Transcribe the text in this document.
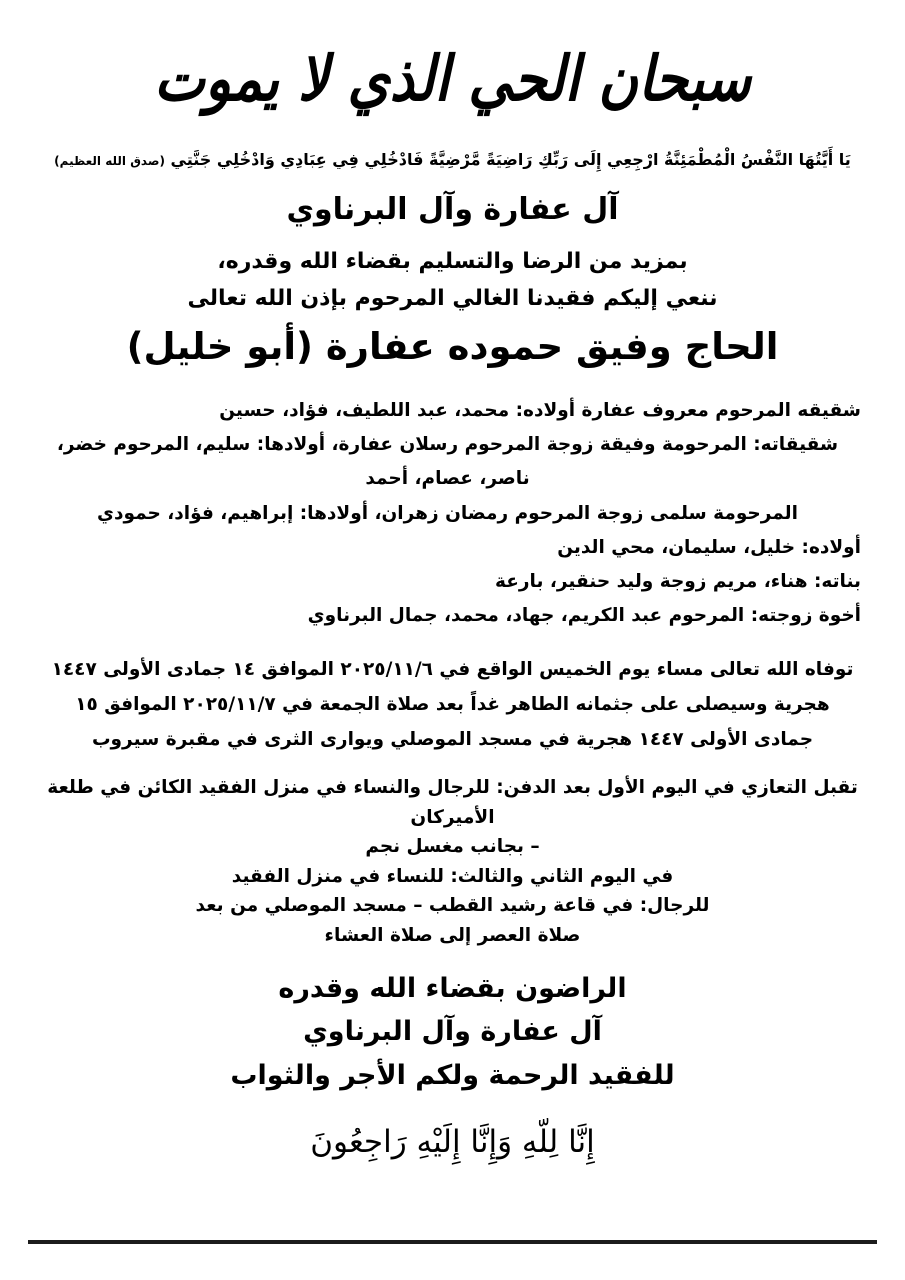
سبحان الحي الذي لا يموت
يَا أَيَّتُهَا النَّفْسُ الْمُطْمَئِنَّةُ ارْجِعِي إِلَى رَبِّكِ رَاضِيَةً مَّرْضِيَّةً فَادْخُلِي فِي عِبَادِي وَادْخُلِي جَنَّتِي (صدق الله العظيم)
آل عفارة وآل البرناوي
بمزيد من الرضا والتسليم بقضاء الله وقدره،
ننعي إليكم فقيدنا الغالي المرحوم بإذن الله تعالى
الحاج وفيق حموده عفارة (أبو خليل)
شقيقه المرحوم معروف عفارة أولاده: محمد، عبد اللطيف، فؤاد، حسين
شقيقاته: المرحومة وفيقة زوجة المرحوم رسلان عفارة، أولادها: سليم، المرحوم خضر، ناصر، عصام، أحمد
المرحومة سلمى زوجة المرحوم رمضان زهران، أولادها: إبراهيم، فؤاد، حمودي
أولاده: خليل، سليمان، محي الدين
بناته: هناء، مريم زوجة وليد حنقير، بارعة
أخوة زوجته: المرحوم عبد الكريم، جهاد، محمد، جمال البرناوي
توفاه الله تعالى مساء يوم الخميس الواقع في ٢٠٢٥/١١/٦ الموافق ١٤ جمادى الأولى ١٤٤٧
هجرية وسيصلى على جثمانه الطاهر غداً بعد صلاة الجمعة في ٢٠٢٥/١١/٧ الموافق ١٥
جمادى الأولى ١٤٤٧ هجرية في مسجد الموصلي ويوارى الثرى في مقبرة سيروب
تقبل التعازي في اليوم الأول بعد الدفن: للرجال والنساء في منزل الفقيد الكائن في طلعة الأميركان
– بجانب مغسل نجم
في اليوم الثاني والثالث: للنساء في منزل الفقيد
للرجال: في قاعة رشيد القطب – مسجد الموصلي من بعد
صلاة العصر إلى صلاة العشاء
الراضون بقضاء الله وقدره
آل عفارة وآل البرناوي
للفقيد الرحمة ولكم الأجر والثواب
إِنَّا لِلّهِ وَإِنَّا إِلَيْهِ رَاجِعُونَ
